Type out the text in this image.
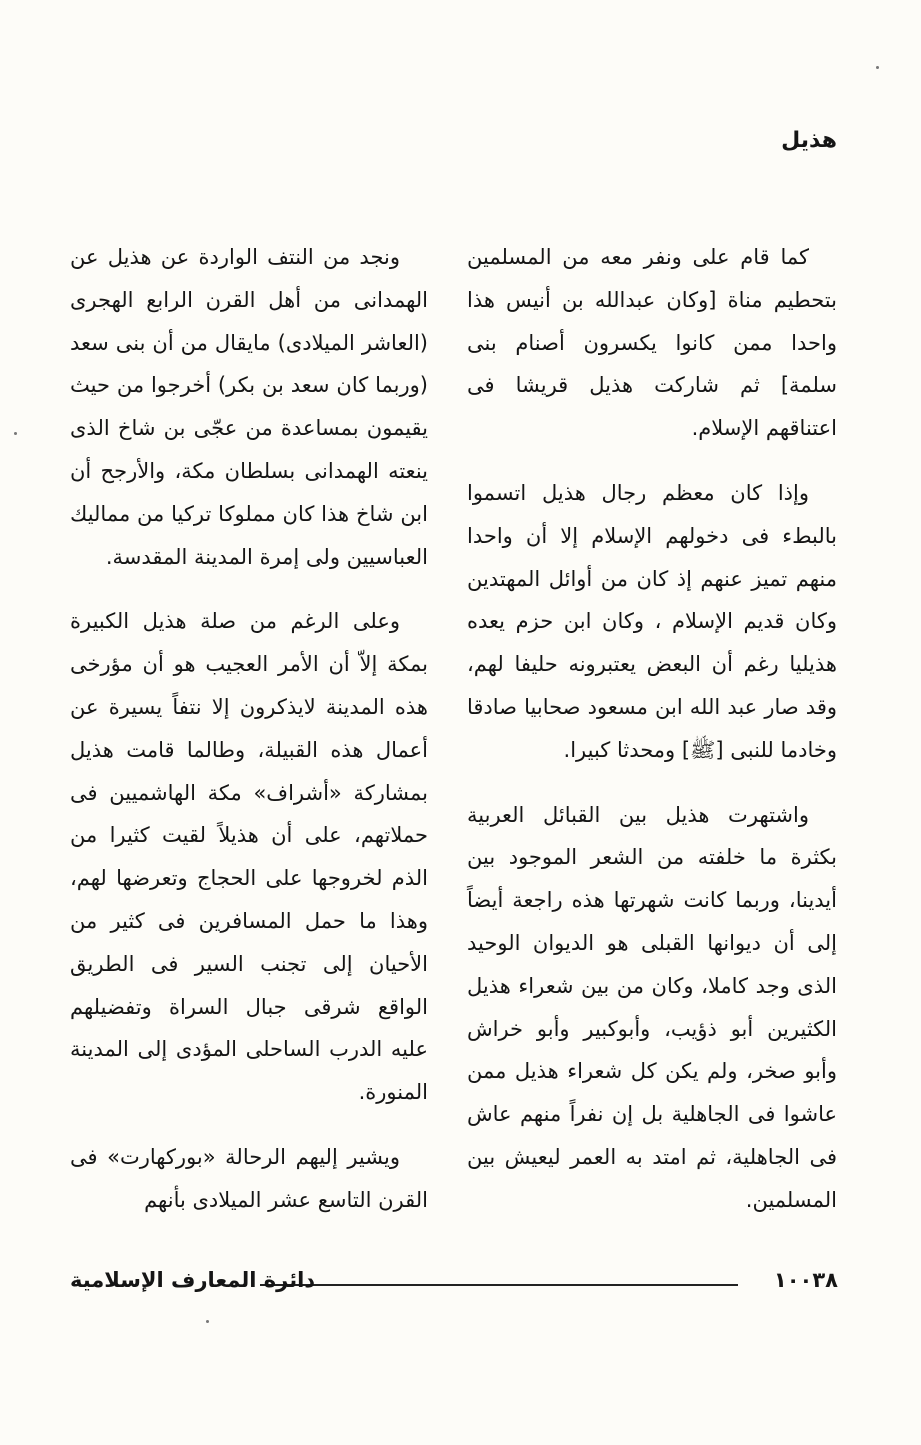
هذيل

كما قام على ونفر معه من المسلمين بتحطيم مناة [وكان عبدالله بن أنيس هذا واحدا ممن كانوا يكسرون أصنام بنى سلمة] ثم شاركت هذيل قريشا فى اعتناقهم الإسلام.

وإذا كان معظم رجال هذيل اتسموا بالبطء فى دخولهم الإسلام إلا أن واحدا منهم تميز عنهم إذ كان من أوائل المهتدين وكان قديم الإسلام ، وكان ابن حزم يعده هذيليا رغم أن البعض يعتبرونه حليفا لهم، وقد صار عبد الله ابن مسعود صحابيا صادقا وخادما للنبى [ﷺ] ومحدثا كبيرا.

واشتهرت هذيل بين القبائل العربية بكثرة ما خلفته من الشعر الموجود بين أيدينا، وربما كانت شهرتها هذه راجعة أيضاً إلى أن ديوانها القبلى هو الديوان الوحيد الذى وجد كاملا، وكان من بين شعراء هذيل الكثيرين أبو ذؤيب، وأبوكبير وأبو خراش وأبو صخر، ولم يكن كل شعراء هذيل ممن عاشوا فى الجاهلية بل إن نفراً منهم عاش فى الجاهلية، ثم امتد به العمر ليعيش بين المسلمين.

ونجد من النتف الواردة عن هذيل عن الهمدانى من أهل القرن الرابع الهجرى (العاشر الميلادى) مايقال من أن بنى سعد (وربما كان سعد بن بكر) أخرجوا من حيث يقيمون بمساعدة من عجّى بن شاخ الذى ينعته الهمدانى بسلطان مكة، والأرجح أن ابن شاخ هذا كان مملوكا تركيا من مماليك العباسيين ولى إمرة المدينة المقدسة.

وعلى الرغم من صلة هذيل الكبيرة بمكة إلاّ أن الأمر العجيب هو أن مؤرخى هذه المدينة لايذكرون إلا نتفاً يسيرة عن أعمال هذه القبيلة، وطالما قامت هذيل بمشاركة «أشراف» مكة الهاشميين فى حملاتهم، على أن هذيلاً لقيت كثيرا من الذم لخروجها على الحجاج وتعرضها لهم، وهذا ما حمل المسافرين فى كثير من الأحيان إلى تجنب السير فى الطريق الواقع شرقى جبال السراة وتفضيلهم عليه الدرب الساحلى المؤدى إلى المدينة المنورة.

ويشير إليهم الرحالة «بوركهارت» فى القرن التاسع عشر الميلادى بأنهم

١٠٠٣٨
دائرة المعارف الإسلامية
